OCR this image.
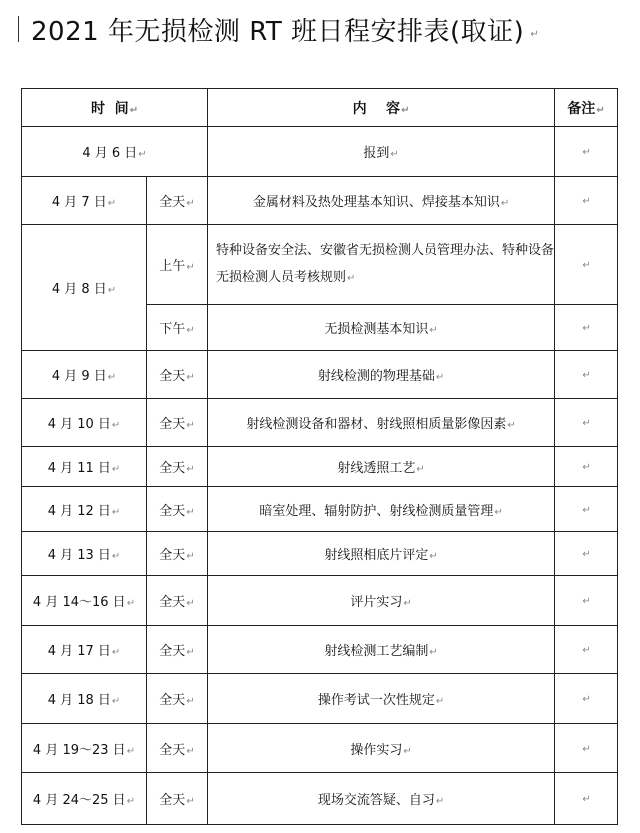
2021 年无损检测 RT 班日程安排表(取证) ↵
时  间↵		内    容↵	备注↵
4 月 6 日↵		报到↵	↵
4 月 7 日↵	全天↵	金属材料及热处理基本知识、焊接基本知识↵	↵
4 月 8 日↵	上午↵	特种设备安全法、安徽省无损检测人员管理办法、特种设备无损检测人员考核规则↵	↵
	下午↵	无损检测基本知识↵	↵
4 月 9 日↵	全天↵	射线检测的物理基础↵	↵
4 月 10 日↵	全天↵	射线检测设备和器材、射线照相质量影像因素↵	↵
4 月 11 日↵	全天↵	射线透照工艺↵	↵
4 月 12 日↵	全天↵	暗室处理、辐射防护、射线检测质量管理↵	↵
4 月 13 日↵	全天↵	射线照相底片评定↵	↵
4 月 14～16 日↵	全天↵	评片实习↵	↵
4 月 17 日↵	全天↵	射线检测工艺编制↵	↵
4 月 18 日↵	全天↵	操作考试一次性规定↵	↵
4 月 19～23 日↵	全天↵	操作实习↵	↵
4 月 24～25 日↵	全天↵	现场交流答疑、自习↵	↵
